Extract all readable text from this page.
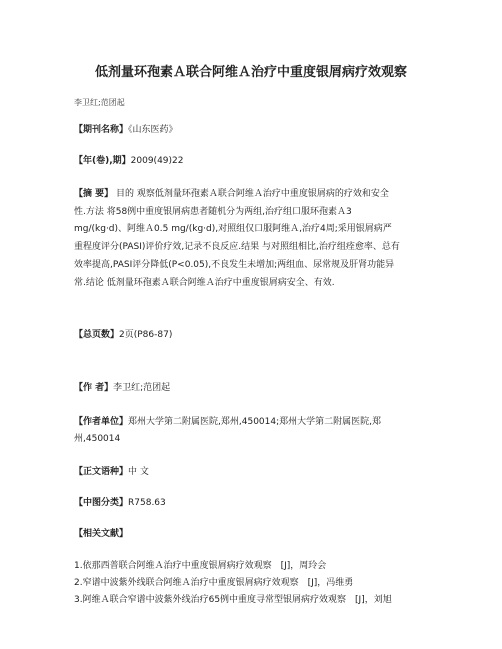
低剂量环孢素Ａ联合阿维Ａ治疗中重度银屑病疗效观察
李卫红;范团起
【期刊名称】《山东医药》
【年(卷),期】2009(49)22
【摘 要】 目的 观察低剂量环孢素Ａ联合阿维Ａ治疗中重度银屑病的疗效和安全
性.方法 将58例中重度银屑病患者随机分为两组,治疗组口服环孢素Ａ3
mg/(kg·d)、阿维Ａ0.5 mg/(kg·d),对照组仅口服阿维Ａ,治疗4周;采用银屑病严
重程度评分(PASI)评价疗效,记录不良反应.结果 与对照组相比,治疗组痊愈率、总有
效率提高,PASI评分降低(P<0.05),不良发生未增加;两组血、尿常规及肝肾功能异
常.结论 低剂量环孢素Ａ联合阿维Ａ治疗中重度银屑病安全、有效.
【总页数】2页(P86-87)
【作 者】李卫红;范团起
【作者单位】郑州大学第二附属医院,郑州,450014;郑州大学第二附属医院,郑
州,450014
【正文语种】中 文
【中图分类】R758.63
【相关文献】
1.依那西普联合阿维Ａ治疗中重度银屑病疗效观察　[J]，周玲会
2.窄谱中波紫外线联合阿维Ａ治疗中重度银屑病疗效观察　[J]，冯维勇
3.阿维Ａ联合窄谱中波紫外线治疗65例中重度寻常型银屑病疗效观察　[J]，刘旭
